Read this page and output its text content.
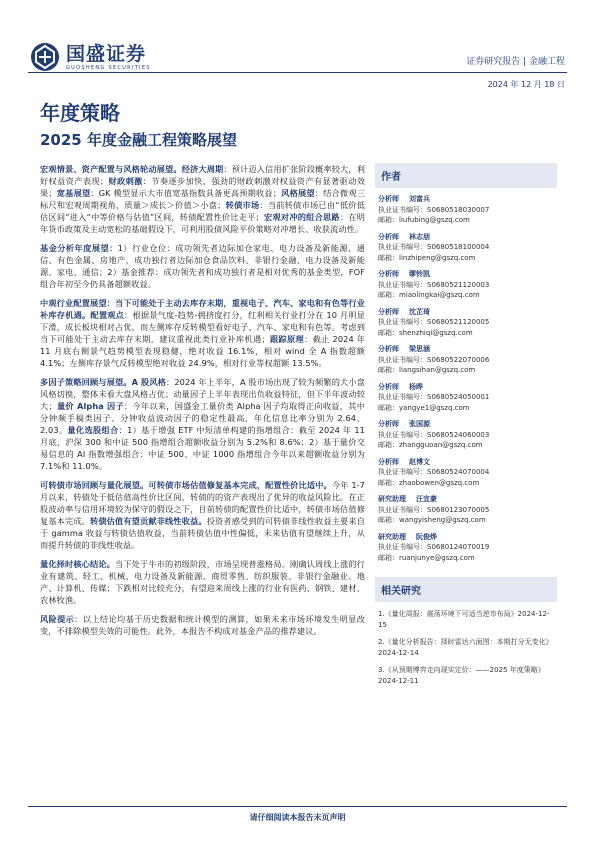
国盛证券
GUOSHENG SECURITIES
证券研究报告 | 金融工程
2024 年 12 月 18 日
年度策略
2025 年度金融工程策略展望
宏观情景、资产配置与风格轮动展望。经济大周期：预计迈入信用扩张阶段概率较大，利好权益资产表现；财政刺激：节奏逐步加快、强劲的财政刺激对权益资产有显著驱动效果；宽基展望：GK 模型显示大市值宽基指数具备更高预期收益；风格展望：结合微观三标尺和宏观周期视角，质量＞成长＞价值＞小盘；转债市场：当前转债市场已由“低价低估区间”进入“中等价格与估值”区间，转债配置性价比走平；宏观对冲的组合思路：在明年货币政策及主动宽松的基础假设下，可利用股债风险平价策略对冲增长、收获流动性。
基金分析年度展望：1）行业仓位：成功领先者边际加仓家电、电力设备及新能源、通信、有色金属、房地产，成功独行者边际加仓食品饮料、非银行金融、电力设备及新能源、家电、通信；2）基金推荐：成功领先者和成功独行者是相对优秀的基金类型，FOF 组合年初至今仍具备超额收益。
中观行业配置展望：当下可能处于主动去库存末期，重视电子、汽车、家电和有色等行业补库存机遇。配置观点：根据景气度-趋势-拥挤度打分，红利相关行业打分在 10 月明显下滑，成长板块相对占优，而左侧库存反转模型看好电子、汽车、家电和有色等。考虑到当下可能处于主动去库存末期，建议重视此类行业补库机遇；跟踪原理：截止 2024 年 11 月底右侧景气趋势模型表现稳健，绝对收益 16.1%，相对 wind 全 A 指数超额 4.1%；左侧库存景气反转模型绝对收益 24.9%，相对行业等权超额 13.5%。
多因子策略回顾与展望。A 股风格：2024 年上半年，A 股市场出现了较为频繁的大小盘风格切换，整体未看大盘风格占优；动量因子上半年表现出负收益特征，但下半年波动较大；量价 Alpha 因子：今年以来，国盛金工量价类 Alpha 因子均取得正向收益，其中分钟频手稿类因子、分钟收益波动因子的稳定性最高，年化信息比率分别为 2.64、2.03。量化选股组合：1）基于增强 ETF 中短清单构建的指增组合：截至 2024 年 11 月底，沪深 300 和中证 500 指增组合超额收益分别为 5.2%和 8.6%；2）基于量价交易信息的 AI 指数增强组合：中证 500、中证 1000 指增组合今年以来超额收益分别为 7.1%和 11.0%。
可转债市场回顾与量化展望。可转债市场估值修复基本完成，配置性价比适中。今年 1-7 月以来，转债处于低估值高性价比区间，转债的的资产表现出了优异的收益风险比。在正股波动率与信用环境较为保守的假设之下，目前转债的配置性价比适中，转债市场估值修复基本完成。转债估值有望贡献非线性收益。投资者感受到的可转债非线性收益主要来自于 gamma 收益与转债估值收益，当前转债估值中性偏低，未来估值有望继续上升，从而提升转债的非线性收益。
量化择时核心结论。当下处于牛市的初级阶段，市场呈现普涨格局。刚确认周线上涨的行业有建筑、轻工、机械、电力设备及新能源、商贸零售、纺织服装、非银行金融业、地产、计算机、传媒；下跌相对比较充分，有望迎来周线上涨的行业有医药、钢铁、建材、农林牧渔。
风险提示：以上结论均基于历史数据和统计模型的测算，如果未来市场环境发生明显改变，不排除模型失效的可能性。此外，本报告不构成对基金产品的推荐建议。
作者
分析师 刘富兵
执业证书编号：S0680518030007
邮箱：liufubing@gszq.com
分析师 林志朋
执业证书编号：S0680518100004
邮箱：linzhipeng@gszq.com
分析师 缪铃凯
执业证书编号：S0680521120003
邮箱：miaolingkai@gszq.com
分析师 沈芷琦
执业证书编号：S0680521120005
邮箱：shenzhiqi@gszq.com
分析师 梁思涵
执业证书编号：S0680522070006
邮箱：liangsihan@gszq.com
分析师 杨晔
执业证书编号：S0680524050001
邮箱：yangye1@gszq.com
分析师 张国源
执业证书编号：S0680524060003
邮箱：zhangguoan@gszq.com
分析师 赵博文
执业证书编号：S0680524070004
邮箱：zhaobowen@gszq.com
研究助理 汪宜豪
执业证书编号：S0680123070005
邮箱：wangyisheng@gszq.com
研究助理 阮俊烨
执业证书编号：S0680124070019
邮箱：ruanjunye@gszq.com
相关研究
1.《量化周报：震荡环境下可适当逆市布局》2024-12-15
2.《量化分析报告：择时雷达六面图：本期打分无变化》2024-12-14
3.《从预期博弈走向现实定价：——2025 年度策略》2024-12-11
请仔细阅读本报告末页声明
